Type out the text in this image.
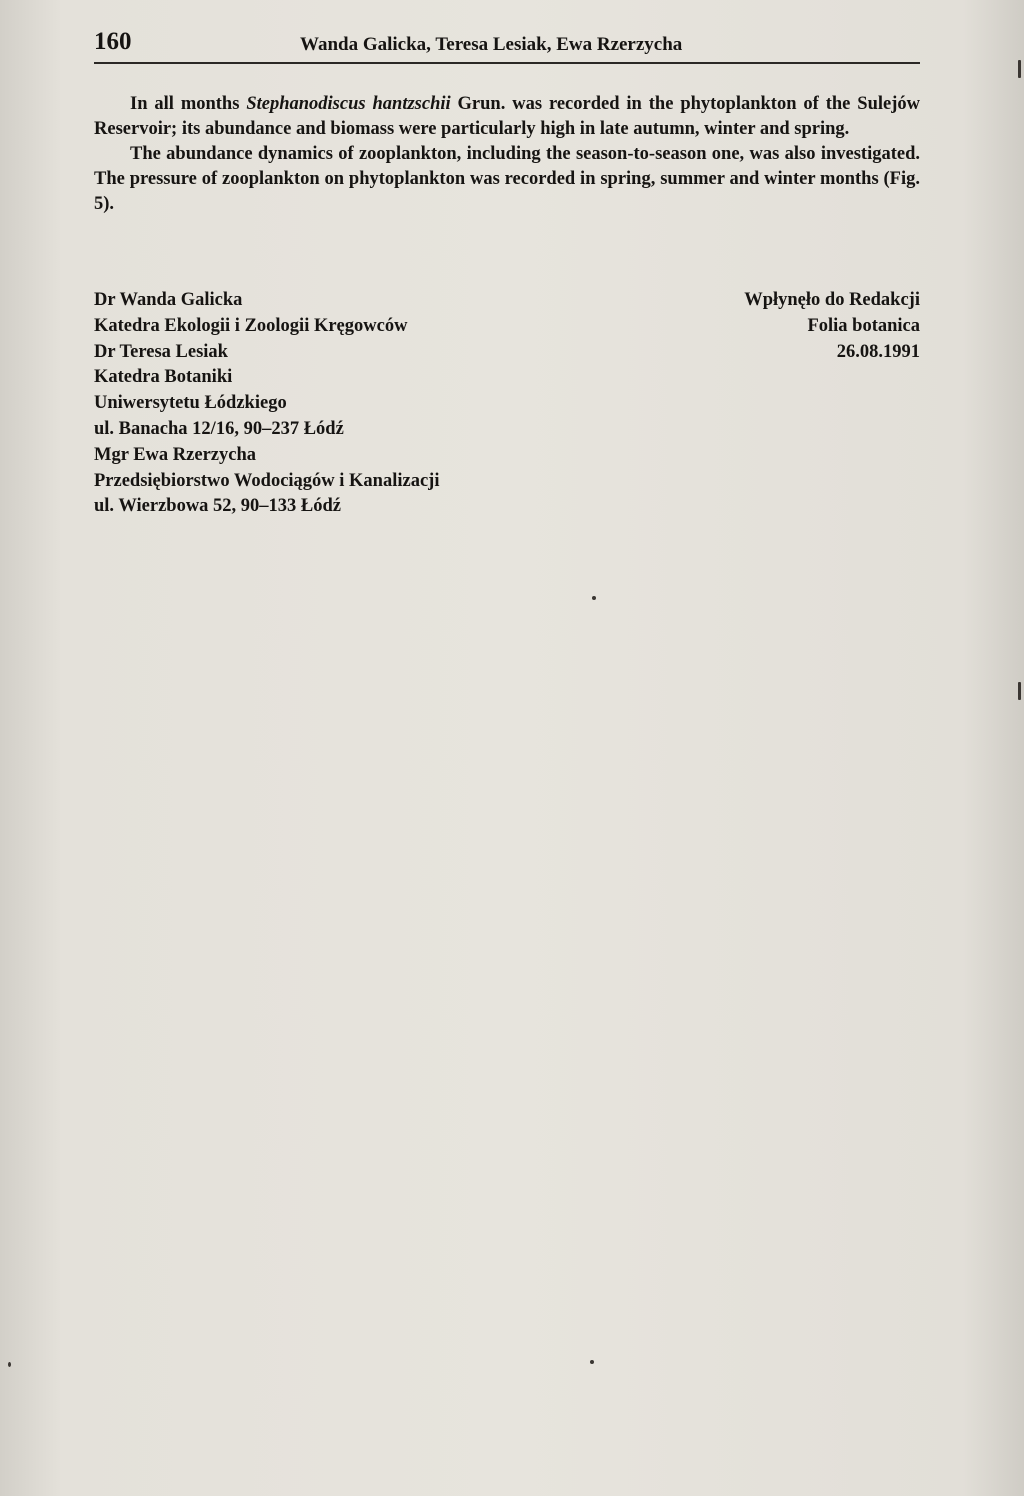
160	Wanda Galicka, Teresa Lesiak, Ewa Rzerzycha

In all months Stephanodiscus hantzschii Grun. was recorded in the phytoplankton of the Sulejów Reservoir; its abundance and biomass were particularly high in late autumn, winter and spring.

The abundance dynamics of zooplankton, including the season-to-season one, was also investigated. The pressure of zooplankton on phytoplankton was recorded in spring, summer and winter months (Fig. 5).

Dr Wanda Galicka	Wpłynęło do Redakcji
Katedra Ekologii i Zoologii Kręgowców	Folia botanica
Dr Teresa Lesiak	26.08.1991
Katedra Botaniki
Uniwersytetu Łódzkiego
ul. Banacha 12/16, 90–237 Łódź
Mgr Ewa Rzerzycha
Przedsiębiorstwo Wodociągów i Kanalizacji
ul. Wierzbowa 52, 90–133 Łódź
